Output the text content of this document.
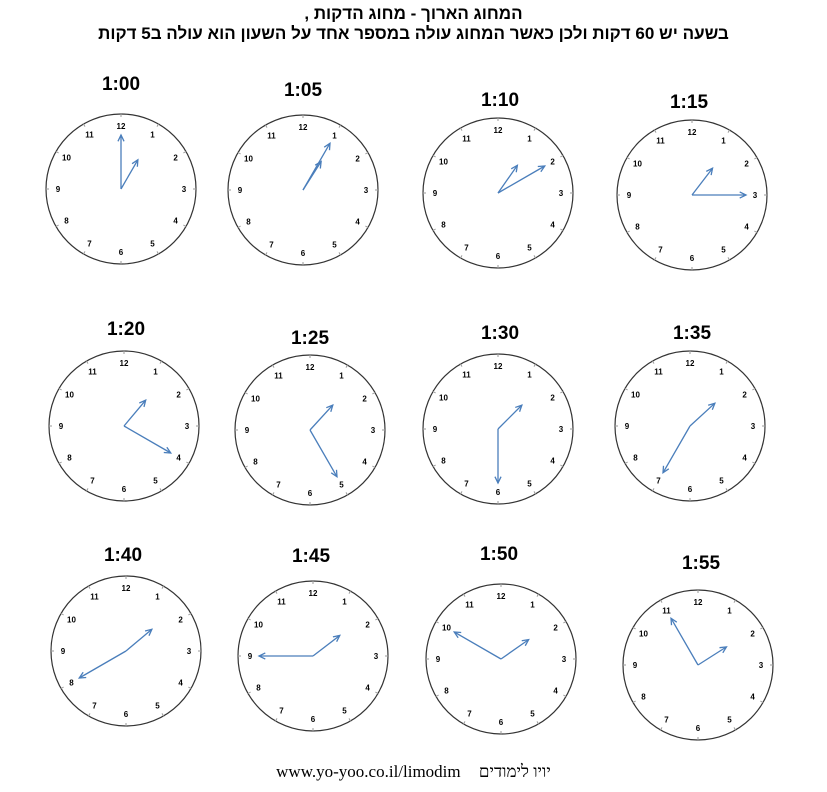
המחוג הארוך - מחוג הדקות ,
בשעה יש 60 דקות ולכן כאשר המחוג עולה במספר אחד על השעון הוא עולה ב5 דקות
12
1
2
3
4
5
6
7
8
9
10
11
1:00
12
1
2
3
4
5
6
7
8
9
10
11
1:05
12
1
2
3
4
5
6
7
8
9
10
11
1:10
12
1
2
3
4
5
6
7
8
9
10
11
1:15
12
1
2
3
4
5
6
7
8
9
10
11
1:20
12
1
2
3
4
5
6
7
8
9
10
11
1:25
12
1
2
3
4
5
6
7
8
9
10
11
1:30
12
1
2
3
4
5
6
7
8
9
10
11
1:35
12
1
2
3
4
5
6
7
8
9
10
11
1:40
12
1
2
3
4
5
6
7
8
9
10
11
1:45
12
1
2
3
4
5
6
7
8
9
10
11
1:50
12
1
2
3
4
5
6
7
8
9
10
11
1:55
www.yo-yoo.co.il/limodim יויו לימודים
